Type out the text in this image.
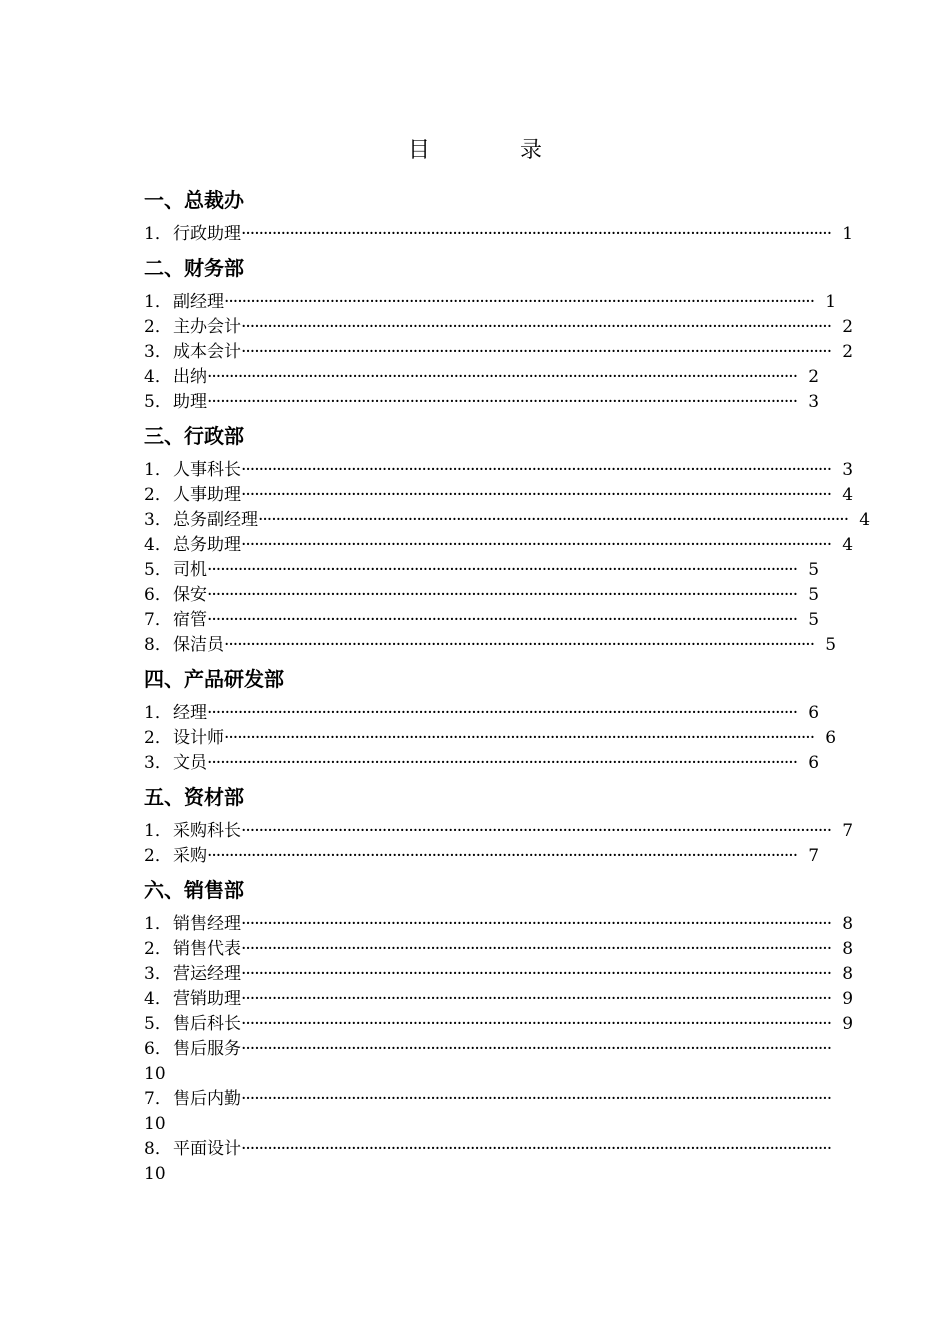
目　录
一、总裁办
1． 行政助理 ······································································································································ 1
二、财务部
1． 副经理 ······································································································································ 1
2． 主办会计 ······································································································································ 2
3． 成本会计 ······································································································································ 2
4． 出纳 ······································································································································ 2
5． 助理 ······································································································································ 3
三、行政部
1． 人事科长 ······································································································································ 3
2． 人事助理 ······································································································································ 4
3． 总务副经理 ······································································································································ 4
4． 总务助理 ······································································································································ 4
5． 司机 ······································································································································ 5
6． 保安 ······································································································································ 5
7． 宿管 ······································································································································ 5
8． 保洁员 ······································································································································ 5
四、产品研发部
1． 经理 ······································································································································ 6
2． 设计师 ······································································································································ 6
3． 文员 ······································································································································ 6
五、资材部
1． 采购科长 ······································································································································ 7
2． 采购 ······································································································································ 7
六、销售部
1． 销售经理 ······································································································································ 8
2． 销售代表 ······································································································································ 8
3． 营运经理 ······································································································································ 8
4． 营销助理 ······································································································································ 9
5． 售后科长 ······································································································································ 9
6． 售后服务 ······································································································································
10
7． 售后内勤 ······································································································································
10
8． 平面设计 ······································································································································
10
